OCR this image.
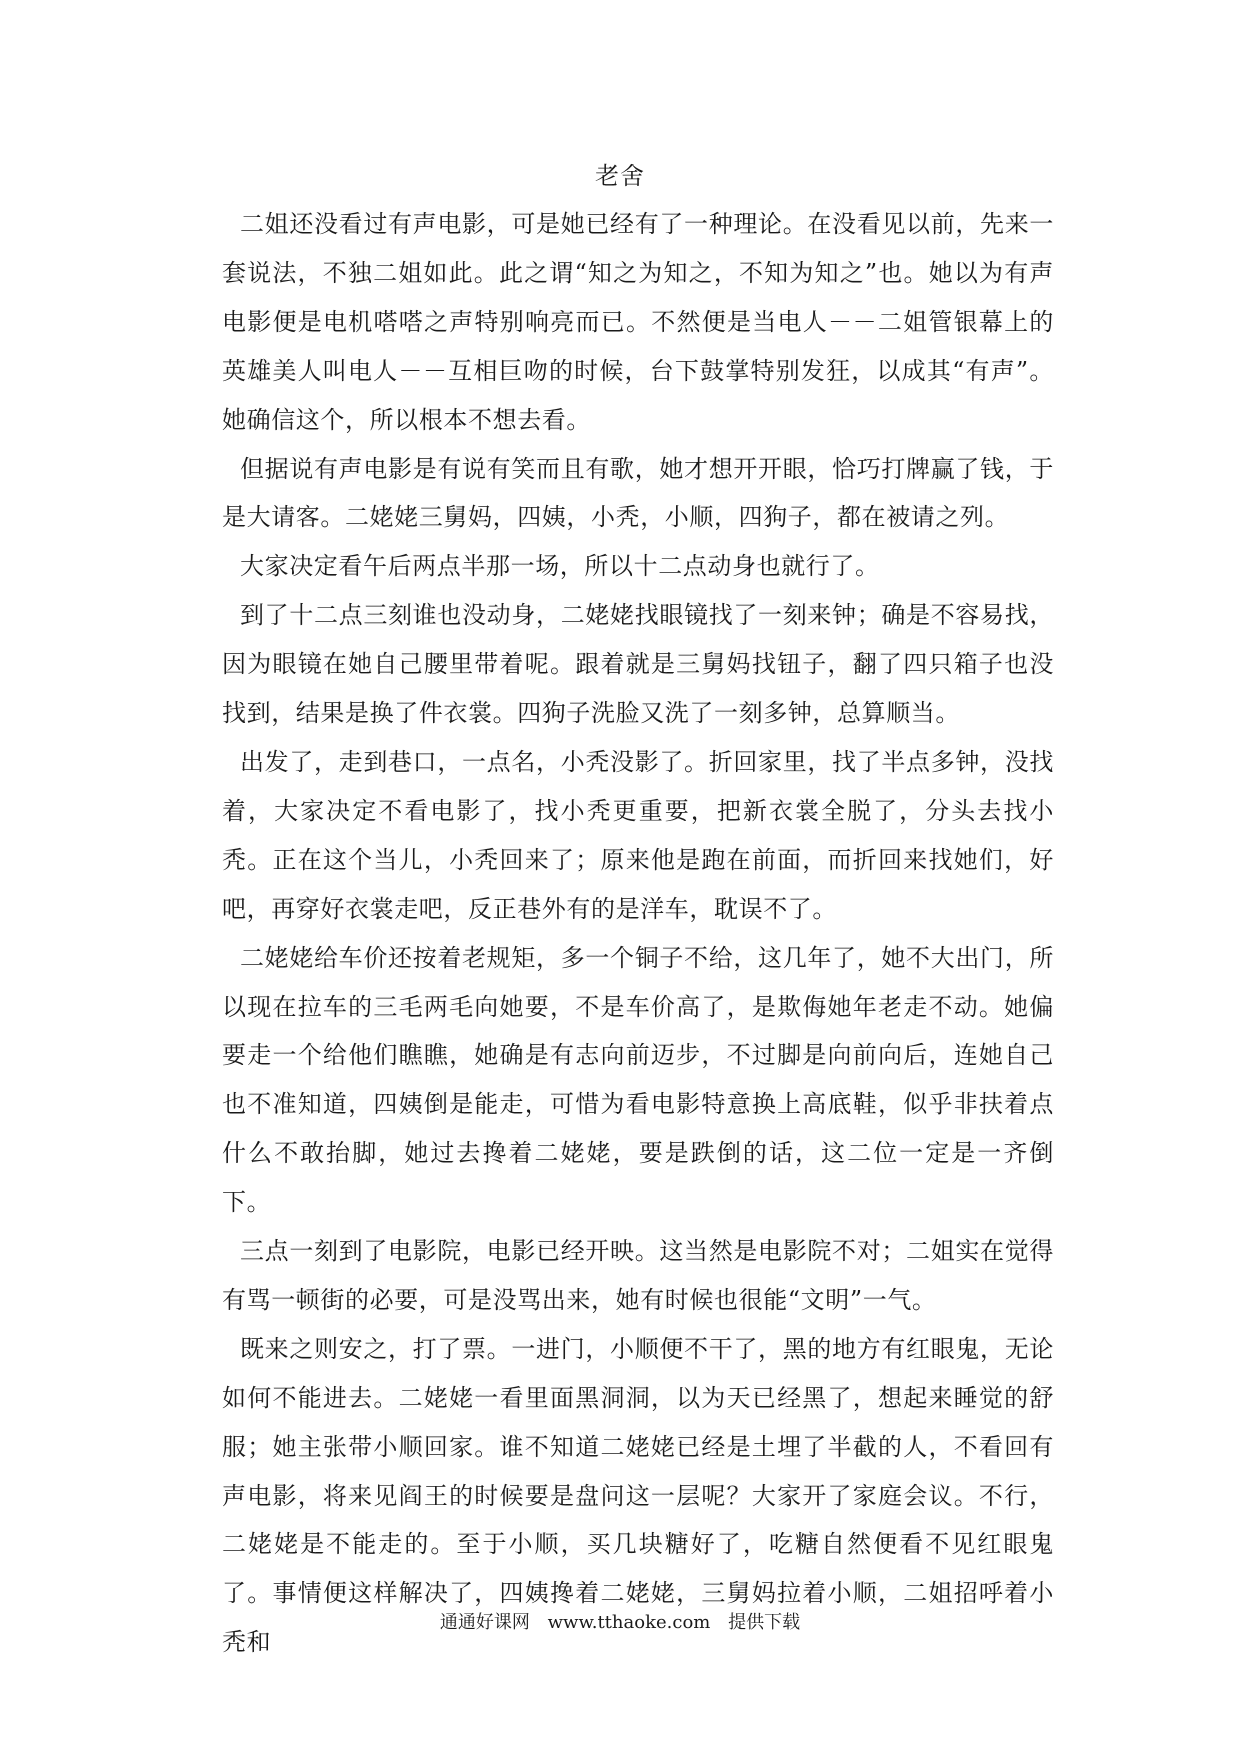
老舍

二姐还没看过有声电影，可是她已经有了一种理论。在没看见以前，先来一套说法，不独二姐如此。此之谓“知之为知之，不知为知之”也。她以为有声电影便是电机嗒嗒之声特别响亮而已。不然便是当电人－－二姐管银幕上的英雄美人叫电人－－互相巨吻的时候，台下鼓掌特别发狂，以成其“有声”。她确信这个，所以根本不想去看。

但据说有声电影是有说有笑而且有歌，她才想开开眼，恰巧打牌赢了钱，于是大请客。二姥姥三舅妈，四姨，小秃，小顺，四狗子，都在被请之列。

大家决定看午后两点半那一场，所以十二点动身也就行了。

到了十二点三刻谁也没动身，二姥姥找眼镜找了一刻来钟；确是不容易找，因为眼镜在她自己腰里带着呢。跟着就是三舅妈找钮子，翻了四只箱子也没找到，结果是换了件衣裳。四狗子洗脸又洗了一刻多钟，总算顺当。

出发了，走到巷口，一点名，小秃没影了。折回家里，找了半点多钟，没找着，大家决定不看电影了，找小秃更重要，把新衣裳全脱了，分头去找小秃。正在这个当儿，小秃回来了；原来他是跑在前面，而折回来找她们，好吧，再穿好衣裳走吧，反正巷外有的是洋车，耽误不了。

二姥姥给车价还按着老规矩，多一个铜子不给，这几年了，她不大出门，所以现在拉车的三毛两毛向她要，不是车价高了，是欺侮她年老走不动。她偏要走一个给他们瞧瞧，她确是有志向前迈步，不过脚是向前向后，连她自己也不准知道，四姨倒是能走，可惜为看电影特意换上高底鞋，似乎非扶着点什么不敢抬脚，她过去搀着二姥姥，要是跌倒的话，这二位一定是一齐倒下。

三点一刻到了电影院，电影已经开映。这当然是电影院不对；二姐实在觉得有骂一顿街的必要，可是没骂出来，她有时候也很能“文明”一气。

既来之则安之，打了票。一进门，小顺便不干了，黑的地方有红眼鬼，无论如何不能进去。二姥姥一看里面黑洞洞，以为天已经黑了，想起来睡觉的舒服；她主张带小顺回家。谁不知道二姥姥已经是土埋了半截的人，不看回有声电影，将来见阎王的时候要是盘问这一层呢？大家开了家庭会议。不行，二姥姥是不能走的。至于小顺，买几块糖好了，吃糖自然便看不见红眼鬼了。事情便这样解决了，四姨搀着二姥姥，三舅妈拉着小顺，二姐招呼着小秃和

通通好课网 www.tthaoke.com 提供下载
